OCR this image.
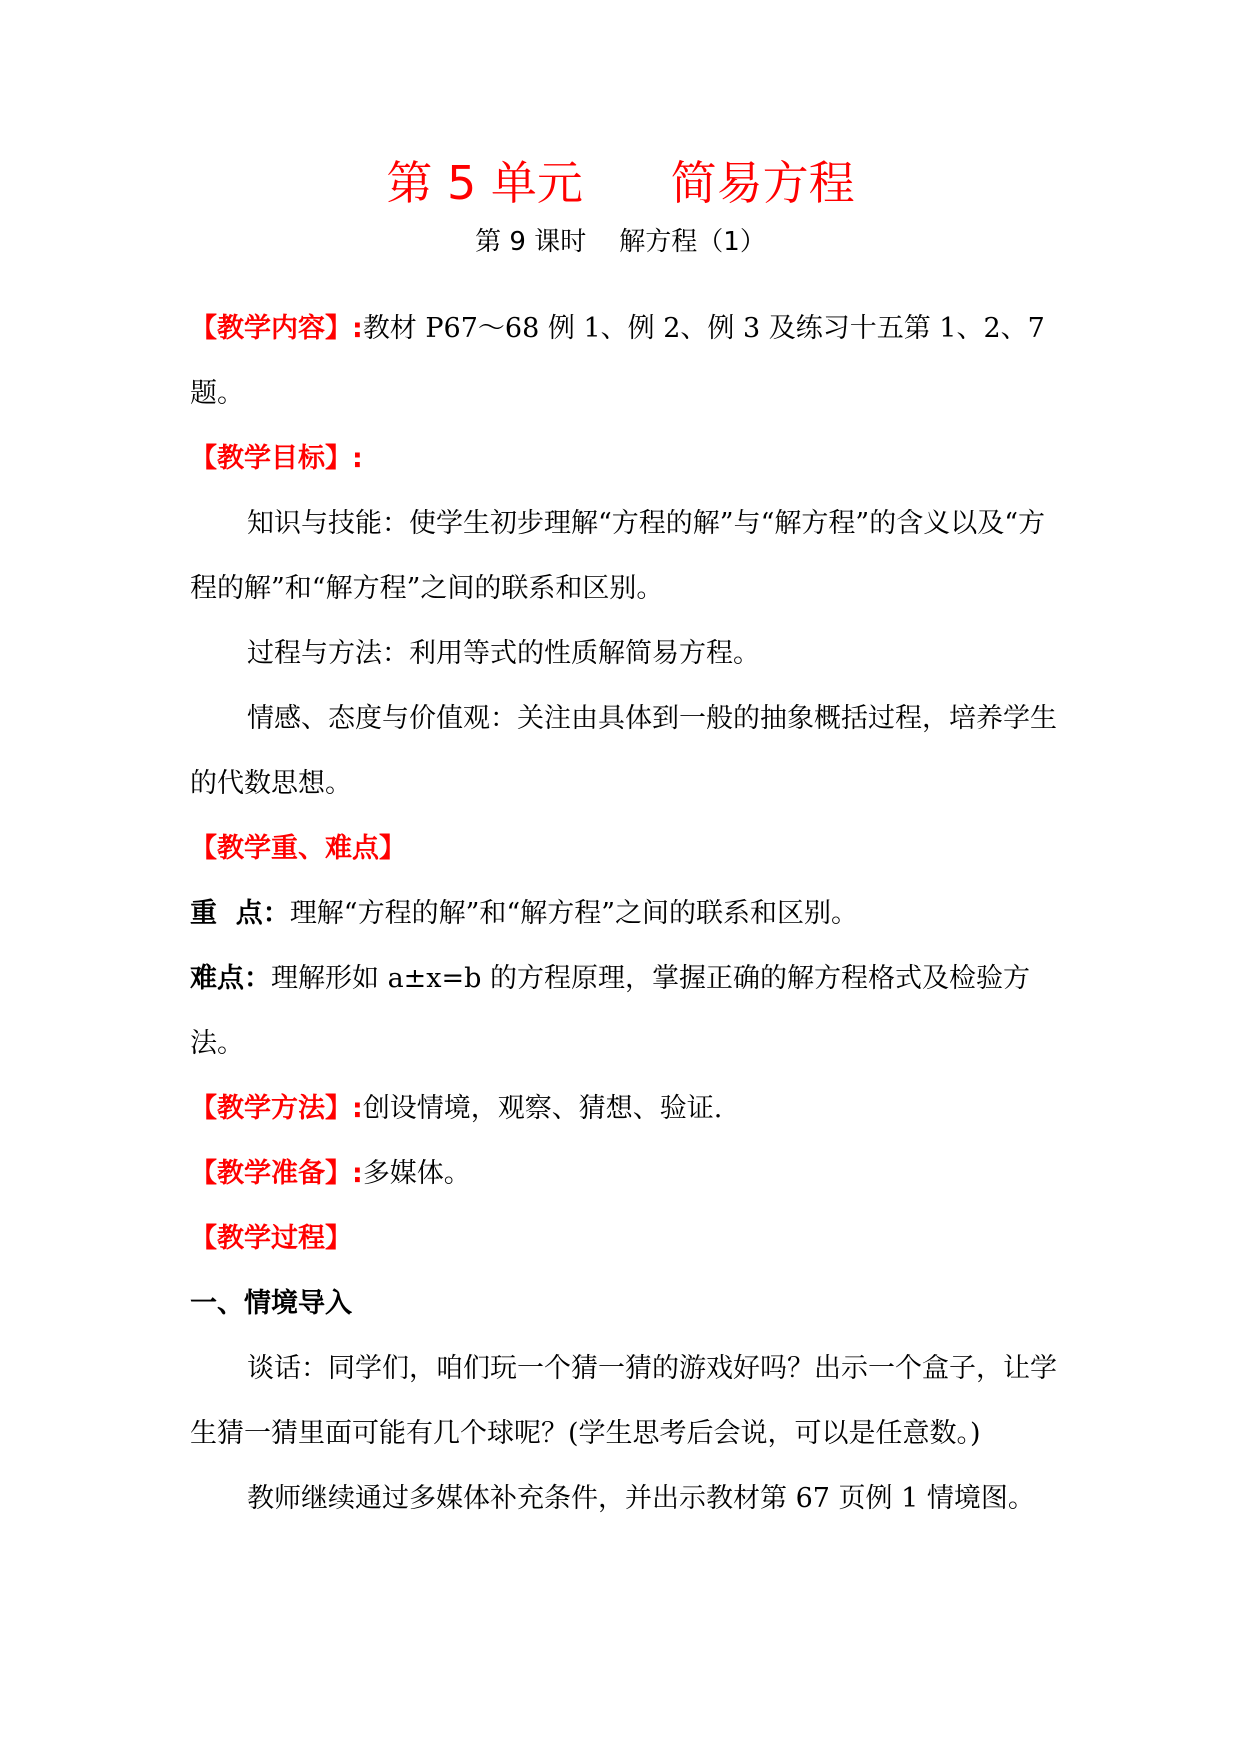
第 5 单元      简易方程
第 9 课时    解方程（1）

【教学内容】:教材 P67～68 例 1、例 2、例 3 及练习十五第 1、2、7 题。

【教学目标】:

知识与技能：使学生初步理解“方程的解”与“解方程”的含义以及“方程的解”和“解方程”之间的联系和区别。

过程与方法：利用等式的性质解简易方程。

情感、态度与价值观：关注由具体到一般的抽象概括过程，培养学生的代数思想。

【教学重、难点】

重  点：理解“方程的解”和“解方程”之间的联系和区别。

难点：理解形如 a±x=b 的方程原理，掌握正确的解方程格式及检验方法。

【教学方法】:创设情境，观察、猜想、验证.

【教学准备】:多媒体。

【教学过程】

一、情境导入

谈话：同学们，咱们玩一个猜一猜的游戏好吗？出示一个盒子，让学生猜一猜里面可能有几个球呢？(学生思考后会说，可以是任意数。)

教师继续通过多媒体补充条件，并出示教材第 67 页例 1 情境图。
